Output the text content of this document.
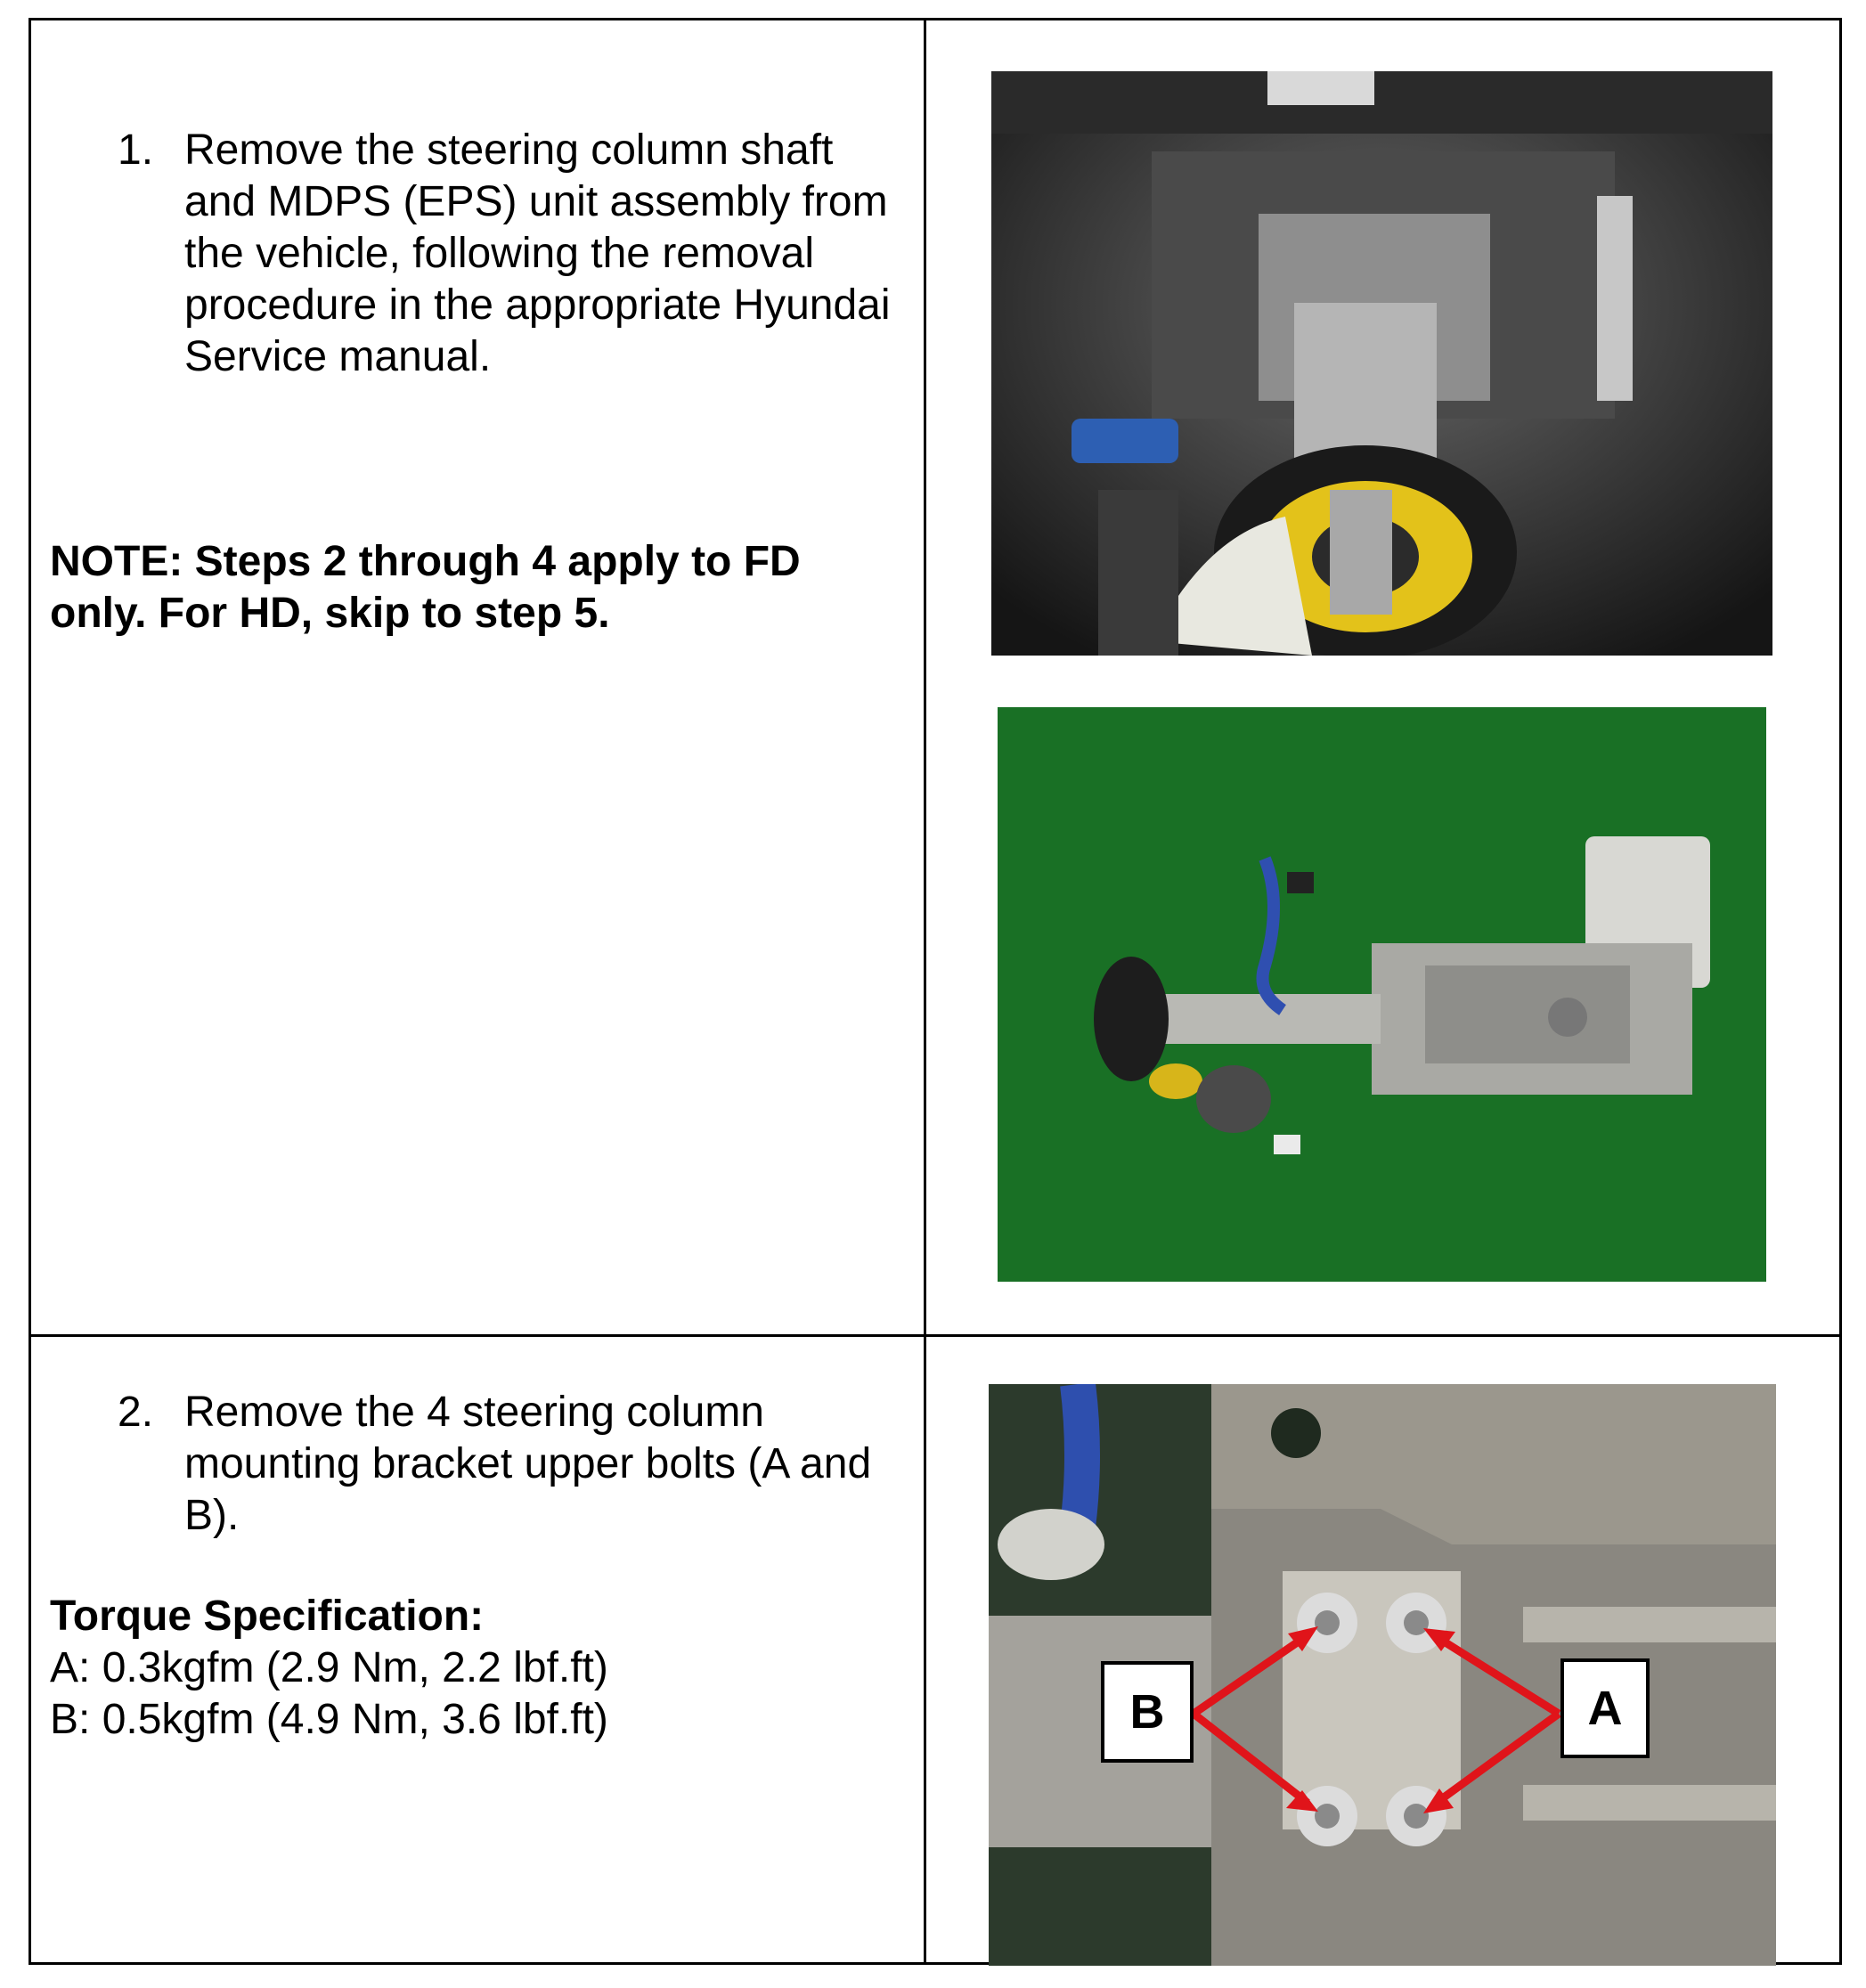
1. Remove the steering column shaft and MDPS (EPS) unit assembly from the vehicle, following the removal procedure in the appropriate Hyundai Service manual.
NOTE: Steps 2 through 4 apply to FD only. For HD, skip to step 5.
2. Remove the 4 steering column mounting bracket upper bolts (A and B).
Torque Specification:
A: 0.3kgfm (2.9 Nm, 2.2 lbf.ft)
B: 0.5kgfm (4.9 Nm, 3.6 lbf.ft)	B	A
